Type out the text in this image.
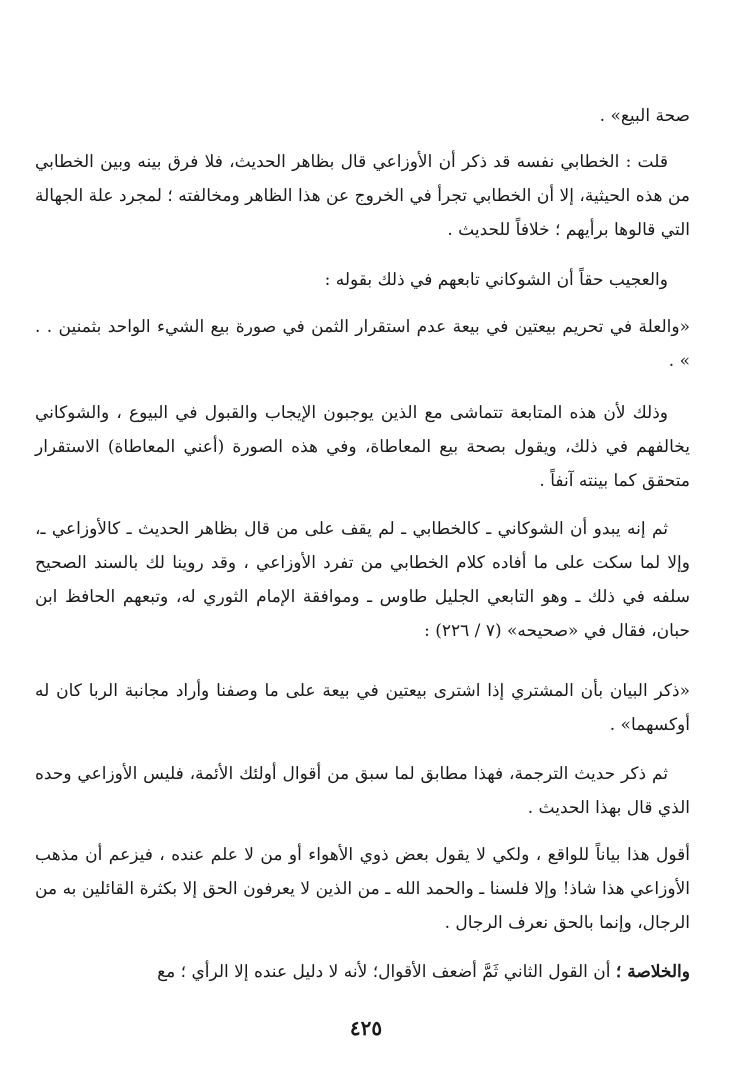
صحة البيع» .
قلت : الخطابي نفسه قد ذكر أن الأوزاعي قال بظاهر الحديث، فلا فرق بينه وبين الخطابي من هذه الحيثية، إلا أن الخطابي تجرأ في الخروج عن هذا الظاهر ومخالفته ؛ لمجرد علة الجهالة التي قالوها برأيهم ؛ خلافاً للحديث .
والعجيب حقاً أن الشوكاني تابعهم في ذلك بقوله :
«والعلة في تحريم بيعتين في بيعة عدم استقرار الثمن في صورة بيع الشيء الواحد بثمنين . . » .
وذلك لأن هذه المتابعة تتماشى مع الذين يوجبون الإيجاب والقبول في البيوع ، والشوكاني يخالفهم في ذلك، ويقول بصحة بيع المعاطاة، وفي هذه الصورة (أعني المعاطاة) الاستقرار متحقق كما بينته آنفاً .
ثم إنه يبدو أن الشوكاني ـ كالخطابي ـ لم يقف على من قال بظاهر الحديث ـ كالأوزاعي ـ، وإلا لما سكت على ما أفاده كلام الخطابي من تفرد الأوزاعي ، وقد روينا لك بالسند الصحيح سلفه في ذلك ـ وهو التابعي الجليل طاوس ـ وموافقة الإمام الثوري له، وتبعهم الحافظ ابن حبان، فقال في «صحيحه» (٧ / ٢٢٦) :
«ذكر البيان بأن المشتري إذا اشترى بيعتين في بيعة على ما وصفنا وأراد مجانبة الربا كان له أوكسهما» .
ثم ذكر حديث الترجمة، فهذا مطابق لما سبق من أقوال أولئك الأئمة، فليس الأوزاعي وحده الذي قال بهذا الحديث .
أقول هذا بياناً للواقع ، ولكي لا يقول بعض ذوي الأهواء أو من لا علم عنده ، فيزعم أن مذهب الأوزاعي هذا شاذ! وإلا فلسنا ـ والحمد الله ـ من الذين لا يعرفون الحق إلا بكثرة القائلين به من الرجال، وإنما بالحق نعرف الرجال .
والخلاصة ؛ أن القول الثاني ثَمَّ أضعف الأقوال؛ لأنه لا دليل عنده إلا الرأي ؛ مع
٤٢٥
